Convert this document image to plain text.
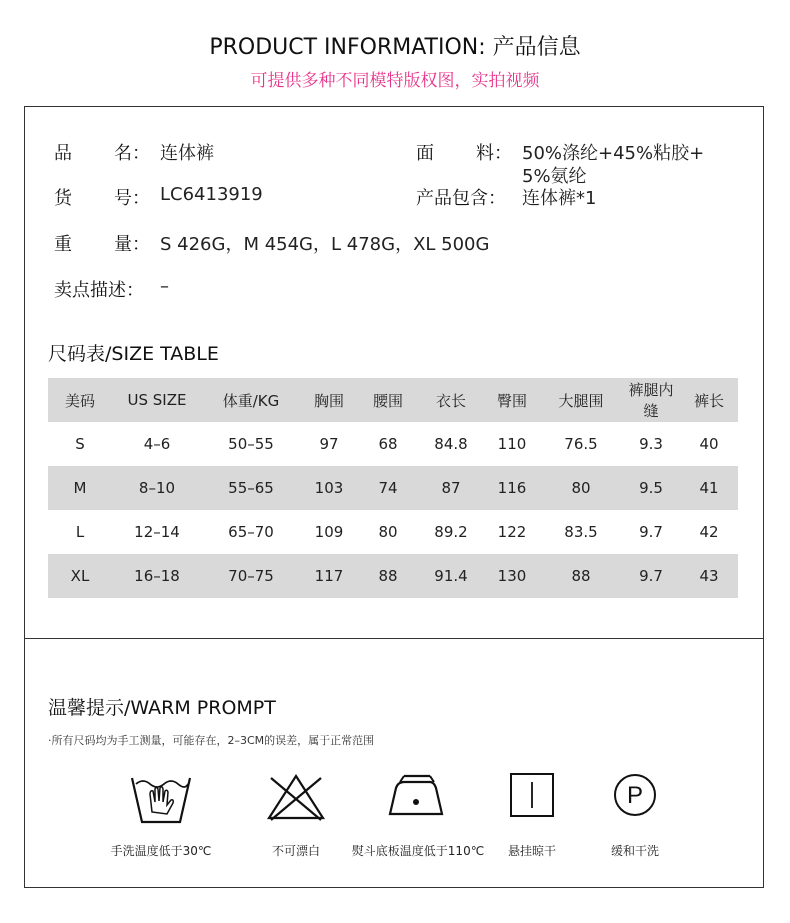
PRODUCT INFORMATION: 产品信息
可提供多种不同模特版权图，实拍视频
品 名： 连体裤	面 料： 50%涤纶+45%粘胶+
5%氨纶
货 号： LC6413919	产品包含： 连体裤*1
重 量： S 426G，M 454G，L 478G，XL 500G
卖点描述： –
尺码表/SIZE TABLE
美码	US SIZE	体重/KG	胸围	腰围	衣长	臀围	大腿围	裤腿内缝	裤长
S	4–6	50–55	97	68	84.8	110	76.5	9.3	40
M	8–10	55–65	103	74	87	116	80	9.5	41
L	12–14	65–70	109	80	89.2	122	83.5	9.7	42
XL	16–18	70–75	117	88	91.4	130	88	9.7	43
温馨提示/WARM PROMPT
·所有尺码均为手工测量，可能存在，2–3CM的误差，属于正常范围
手洗温度低于30℃	不可漂白	熨斗底板温度低于110℃	悬挂晾干
P
缓和干洗
